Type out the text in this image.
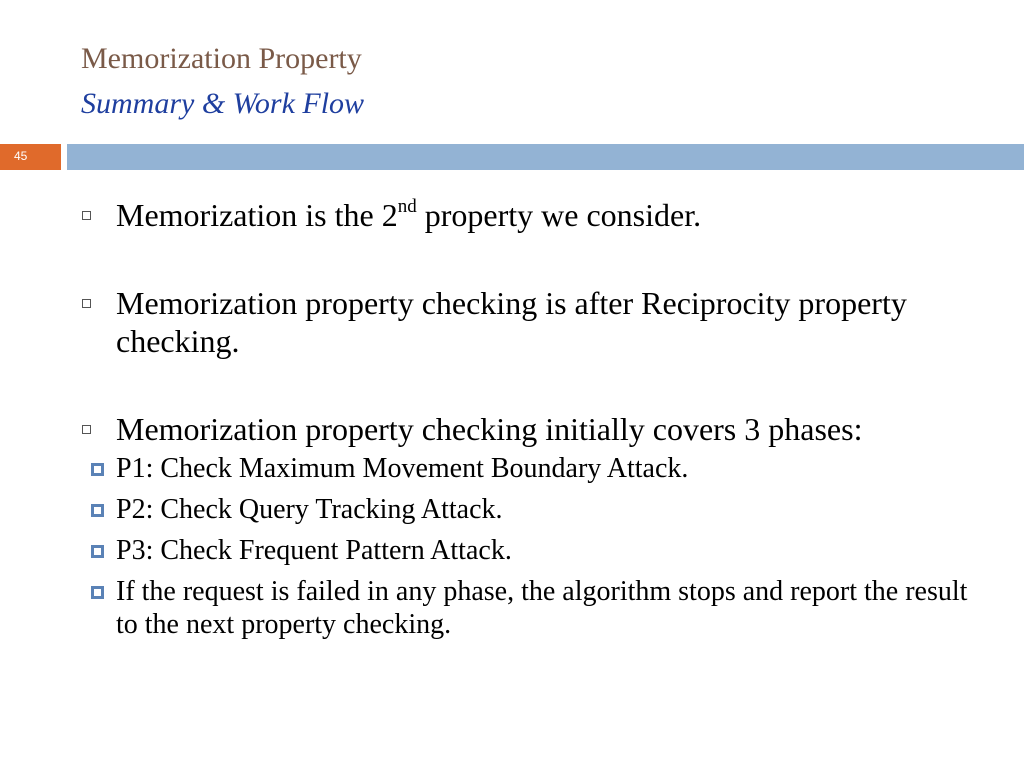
Memorization Property
Summary & Work Flow
45
Memorization is the 2nd property we consider.
Memorization property checking is after Reciprocity property checking.
Memorization property checking initially covers 3 phases:
P1: Check Maximum Movement Boundary Attack.
P2: Check Query Tracking Attack.
P3: Check Frequent Pattern Attack.
If the request is failed in any phase, the algorithm stops and report the result to the next property checking.
